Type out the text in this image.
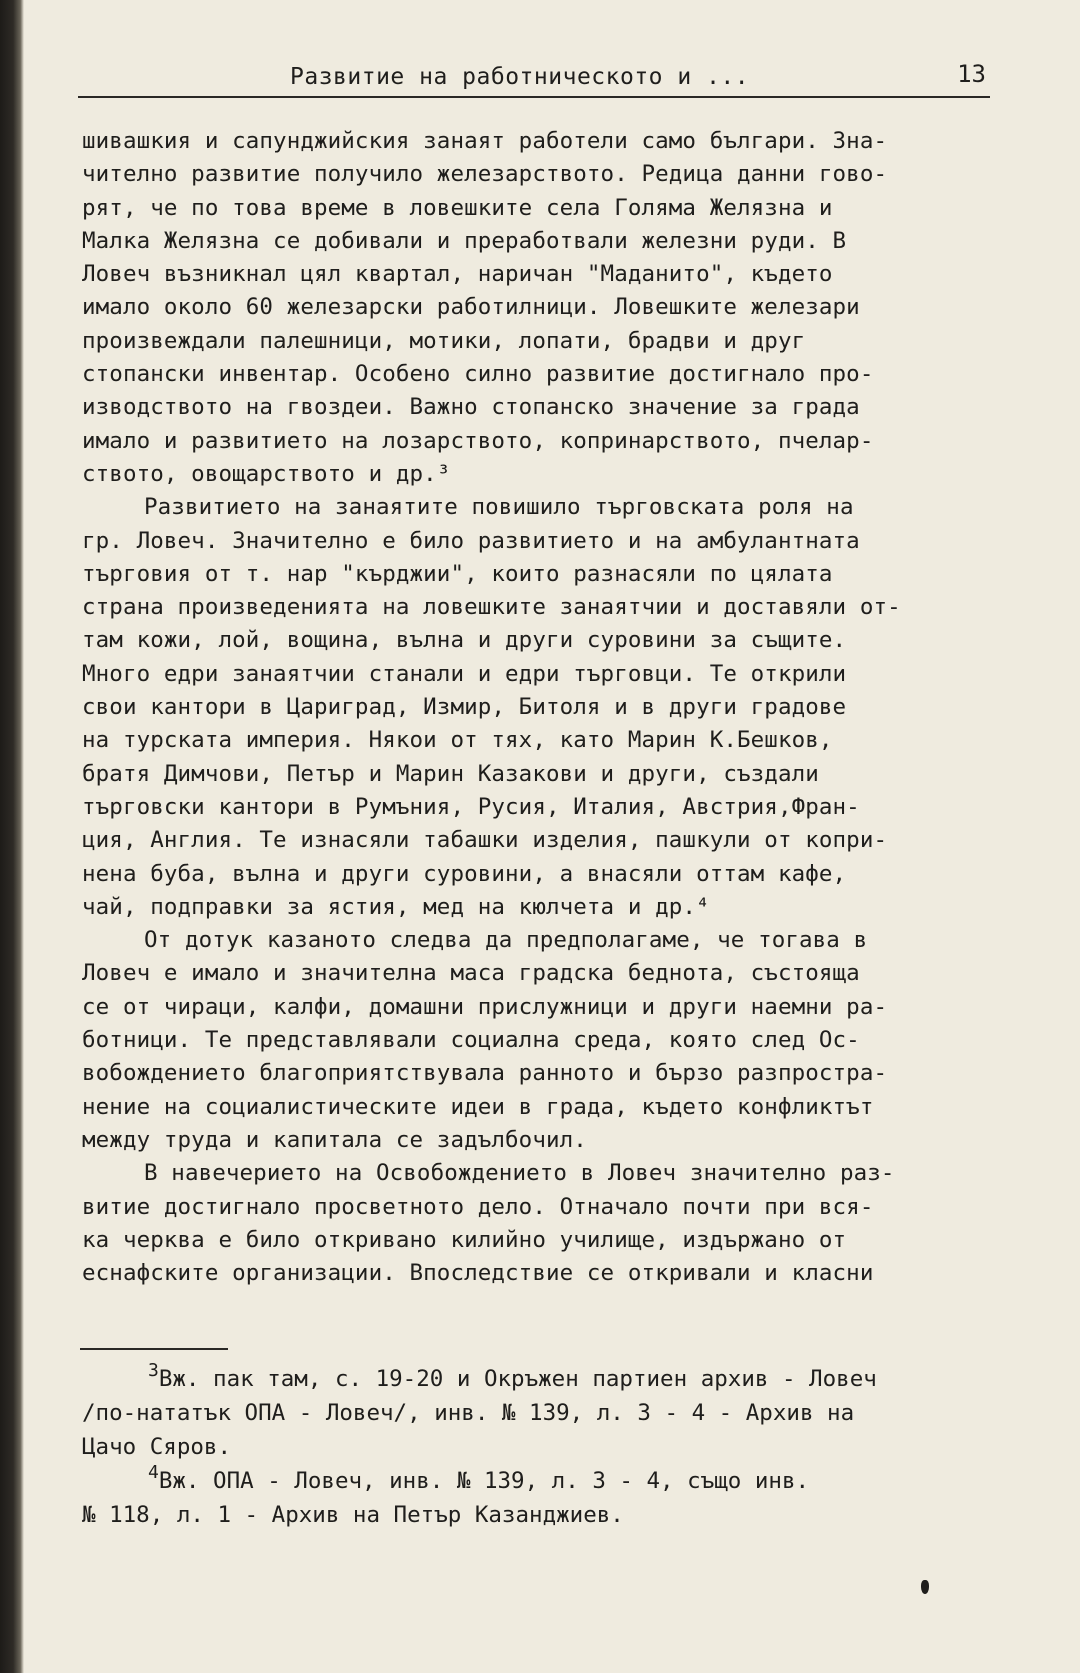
Развитие на работническото и ...	13
шивашкия и сапунджийския занаят работели само българи. Зна-
чително развитие получило железарството. Редица данни гово-
рят, че по това време в ловешките села Голяма Желязна и
Малка Желязна се добивали и преработвали железни руди. В
Ловеч възникнал цял квартал, наричан "Маданито", където
имало около 60 железарски работилници. Ловешките железари
произвеждали палешници, мотики, лопати, брадви и друг
стопански инвентар. Особено силно развитие достигнало про-
изводството на гвоздеи. Важно стопанско значение за града
имало и развитието на лозарството, копринарството, пчелар-
ството, овощарството и др.³
Развитието на занаятите повишило търговската роля на
гр. Ловеч. Значително е било развитието и на амбулантната
търговия от т. нар "кърджии", които разнасяли по цялата
страна произведенията на ловешките занаятчии и доставяли от-
там кожи, лой, вощина, вълна и други суровини за същите.
Много едри занаятчии станали и едри търговци. Те открили
свои кантори в Цариград, Измир, Битоля и в други градове
на турската империя. Някои от тях, като Марин К.Бешков,
братя Димчови, Петър и Марин Казакови и други, създали
търговски кантори в Румъния, Русия, Италия, Австрия,Фран-
ция, Англия. Те изнасяли табашки изделия, пашкули от копри-
нена буба, вълна и други суровини, а внасяли оттам кафе,
чай, подправки за ястия, мед на кюлчета и др.⁴
От дотук казаното следва да предполагаме, че тогава в
Ловеч е имало и значителна маса градска беднота, състояща
се от чираци, калфи, домашни прислужници и други наемни ра-
ботници. Те представлявали социална среда, която след Ос-
вобождението благоприятствувала ранното и бързо разпростра-
нение на социалистическите идеи в града, където конфликтът
между труда и капитала се задълбочил.
В навечерието на Освобождението в Ловеч значително раз-
витие достигнало просветното дело. Отначало почти при вся-
ка черква е било откривано килийно училище, издържано от
еснафските организации. Впоследствие се откривали и класни
$^3$Вж. пак там, с. 19-20 и Окръжен партиен архив - Ловеч
/по-нататък ОПА - Ловеч/, инв. № 139, л. 3 - 4 - Архив на
Цачо Сяров.
$^4$Вж. ОПА - Ловеч, инв. № 139, л. 3 - 4, също инв.
№ 118, л. 1 - Архив на Петър Казанджиев.
